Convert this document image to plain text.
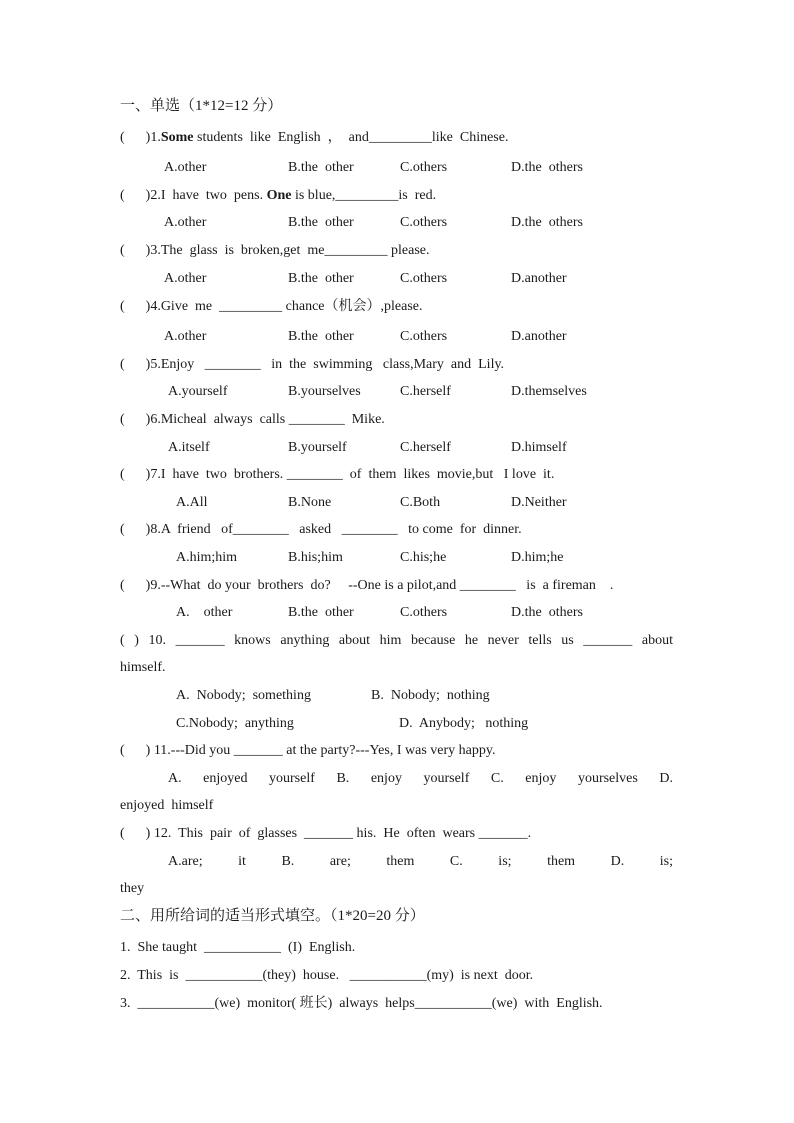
一、单选（1*12=12 分）
(      )1.Some students  like  English  ，  and_________like  Chinese.
A.other	B.the  other	C.others	D.the  others
(      )2.I  have  two  pens. One is blue,_________is  red.
A.other	B.the  other	C.others	D.the  others
(      )3.The  glass  is  broken,get  me_________ please.
A.other	B.the  other	C.others	D.another
(      )4.Give  me  _________ chance（机会）,please.
A.other	B.the  other	C.others	D.another
(      )5.Enjoy   ________   in  the  swimming   class,Mary  and  Lily.
A.yourself	B.yourselves	C.herself	D.themselves
(      )6.Micheal  always  calls ________  Mike.
A.itself	B.yourself	C.herself	D.himself
(      )7.I  have  two  brothers. ________  of  them  likes  movie,but   I love  it.
A.All	B.None	C.Both	D.Neither
(      )8.A  friend   of________   asked   ________   to come  for  dinner.
A.him;him	B.his;him	C.his;he	D.him;he
(      )9.--What  do your  brothers  do?     --One is a pilot,and ________   is  a fireman    .
A.    other	B.the  other	C.others	D.the  others
( ) 10. _______ knows anything about him because he never tells us _______ about
himself.
A.  Nobody;  something	B.  Nobody;  nothing
C.Nobody;  anything	D.  Anybody;   nothing
(      ) 11.---Did you _______ at the party?---Yes, I was very happy.
A. enjoyed yourself B. enjoy yourself C. enjoy yourselves D.
enjoyed  himself
(      ) 12.  This  pair  of  glasses  _______ his.  He  often  wears _______.
A.are; it B. are; them C. is; them D. is;
they
二、用所给词的适当形式填空。（1*20=20 分）
1.  She taught  ___________  (I)  English.
2.  This  is  ___________(they)  house.   ___________(my)  is next  door.
3.  ___________(we)  monitor( 班长)  always  helps___________(we)  with  English.
